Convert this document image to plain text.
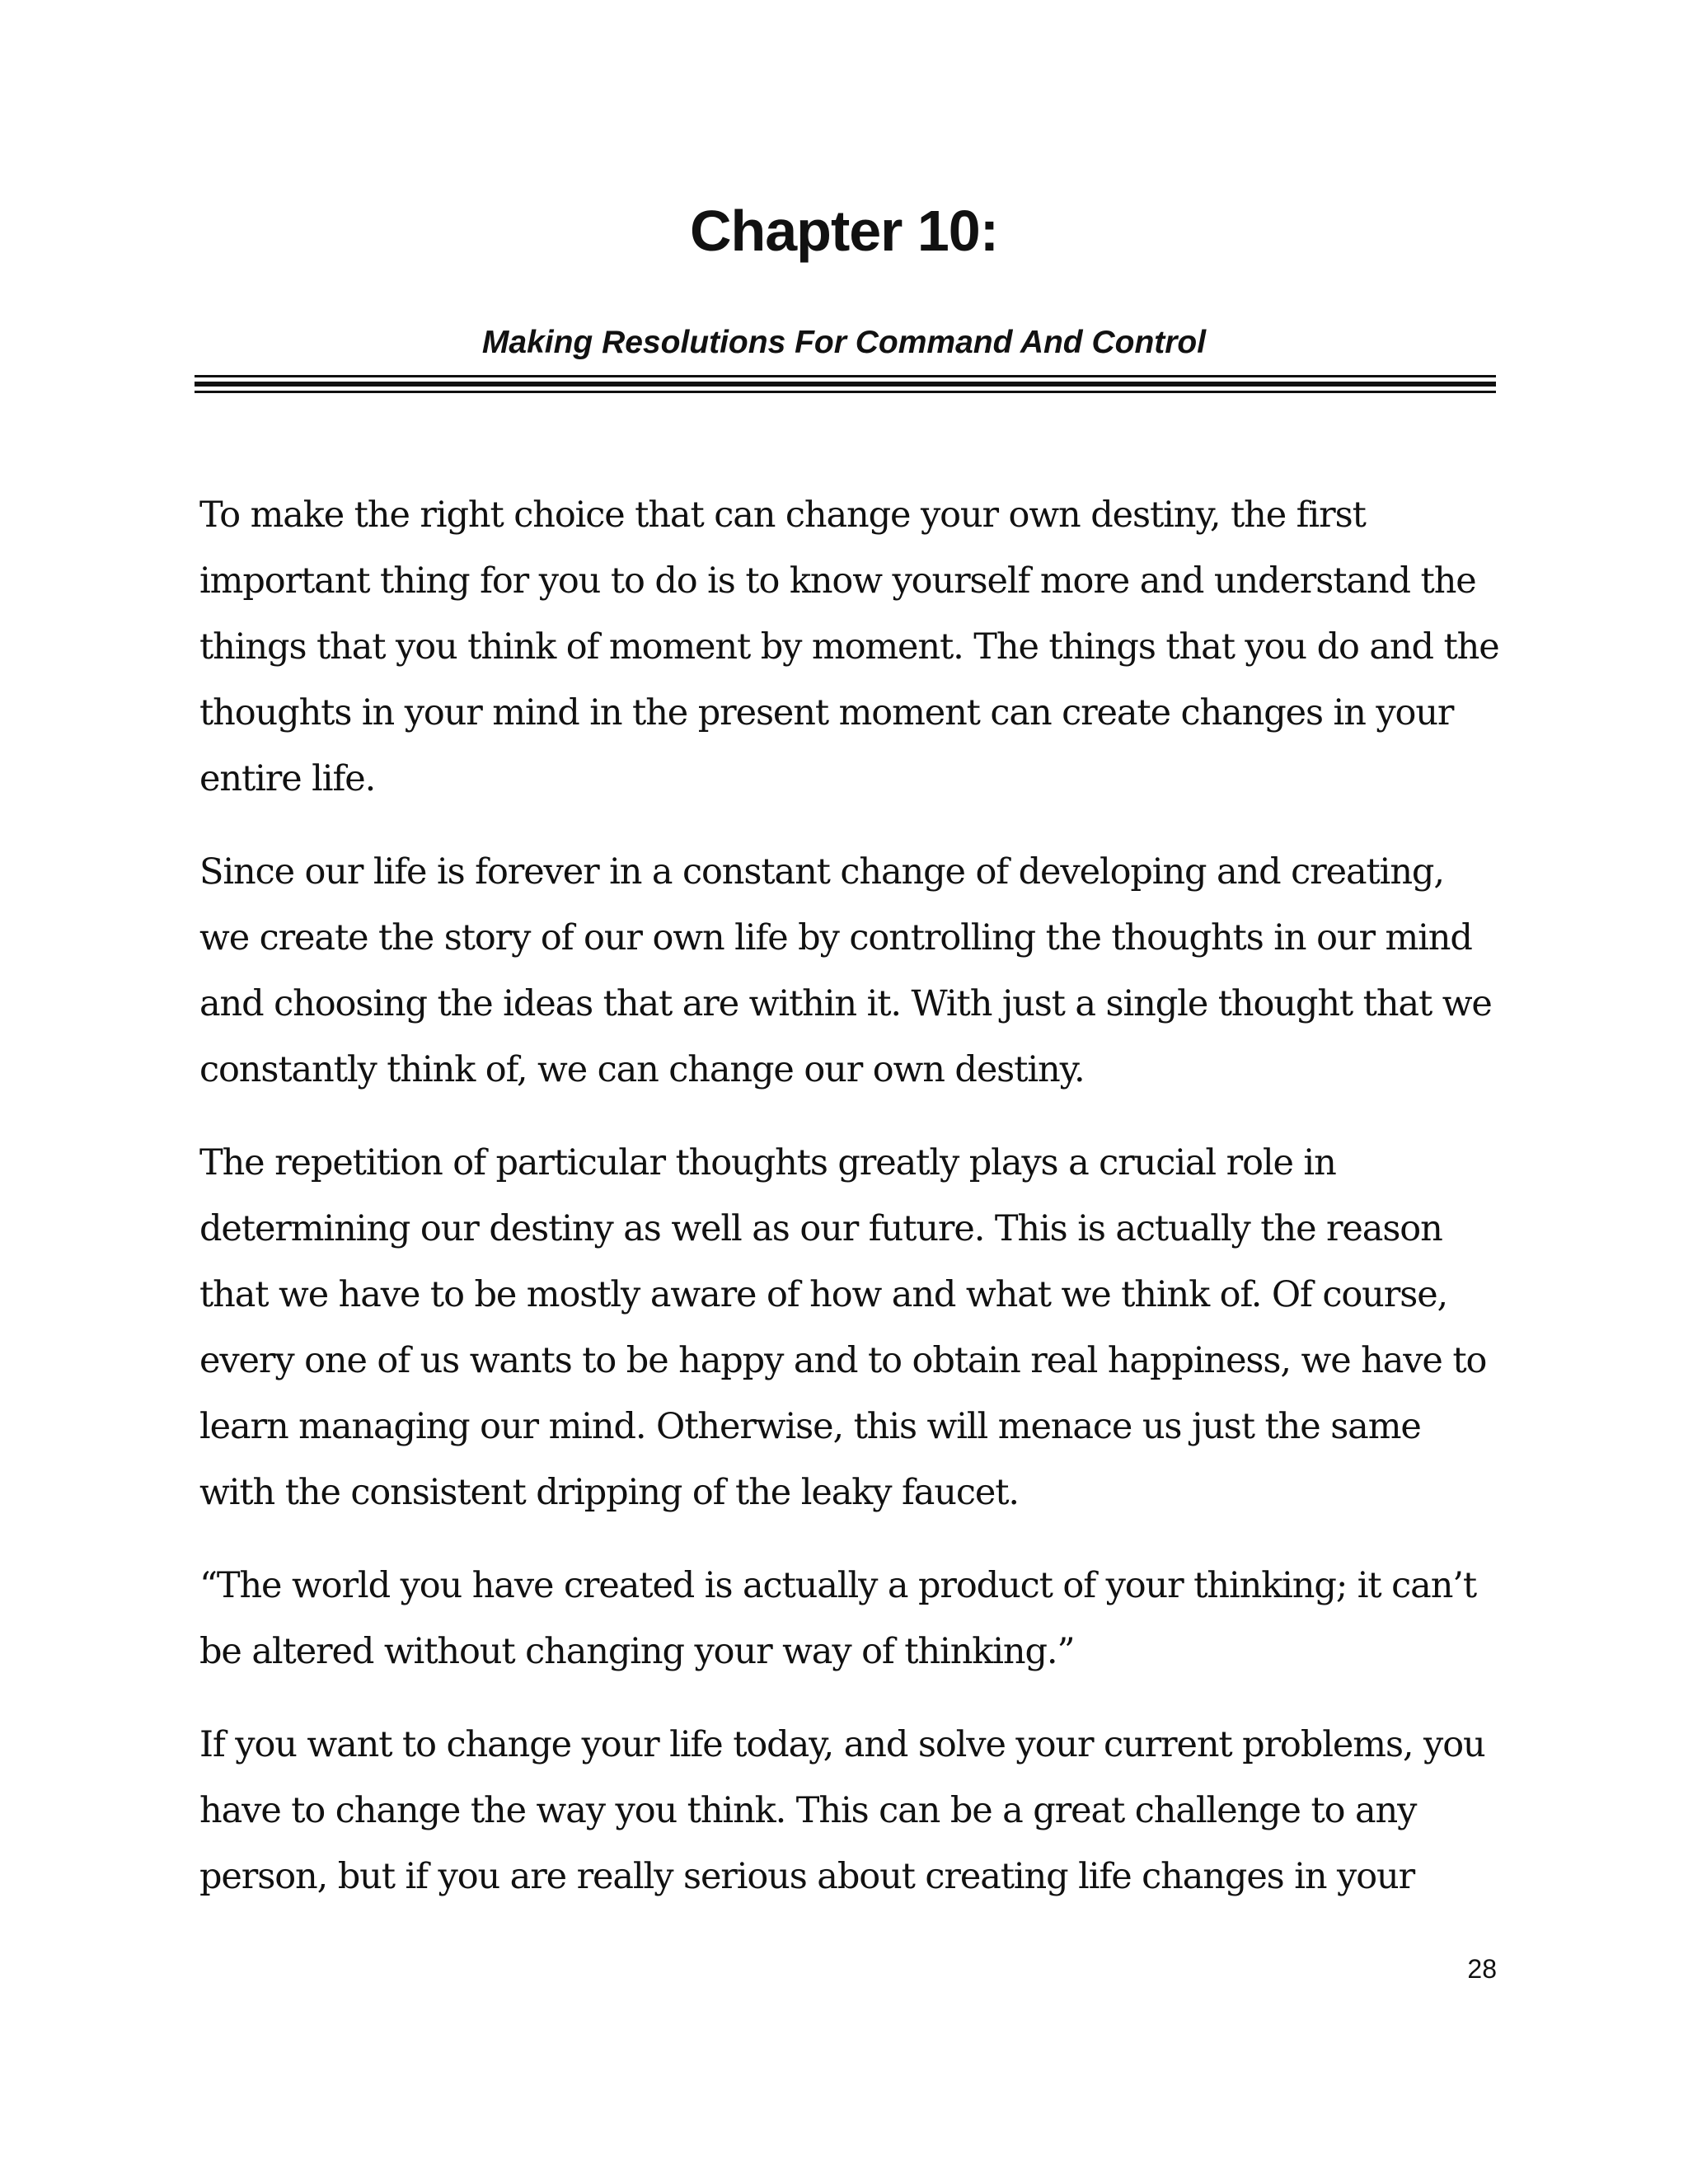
Chapter 10:
Making Resolutions For Command And Control

To make the right choice that can change your own destiny, the first important thing for you to do is to know yourself more and understand the things that you think of moment by moment. The things that you do and the thoughts in your mind in the present moment can create changes in your entire life.

Since our life is forever in a constant change of developing and creating, we create the story of our own life by controlling the thoughts in our mind and choosing the ideas that are within it. With just a single thought that we constantly think of, we can change our own destiny.

The repetition of particular thoughts greatly plays a crucial role in determining our destiny as well as our future. This is actually the reason that we have to be mostly aware of how and what we think of. Of course, every one of us wants to be happy and to obtain real happiness, we have to learn managing our mind. Otherwise, this will menace us just the same with the consistent dripping of the leaky faucet.

“The world you have created is actually a product of your thinking; it can’t be altered without changing your way of thinking.”

If you want to change your life today, and solve your current problems, you have to change the way you think. This can be a great challenge to any person, but if you are really serious about creating life changes in your

28
